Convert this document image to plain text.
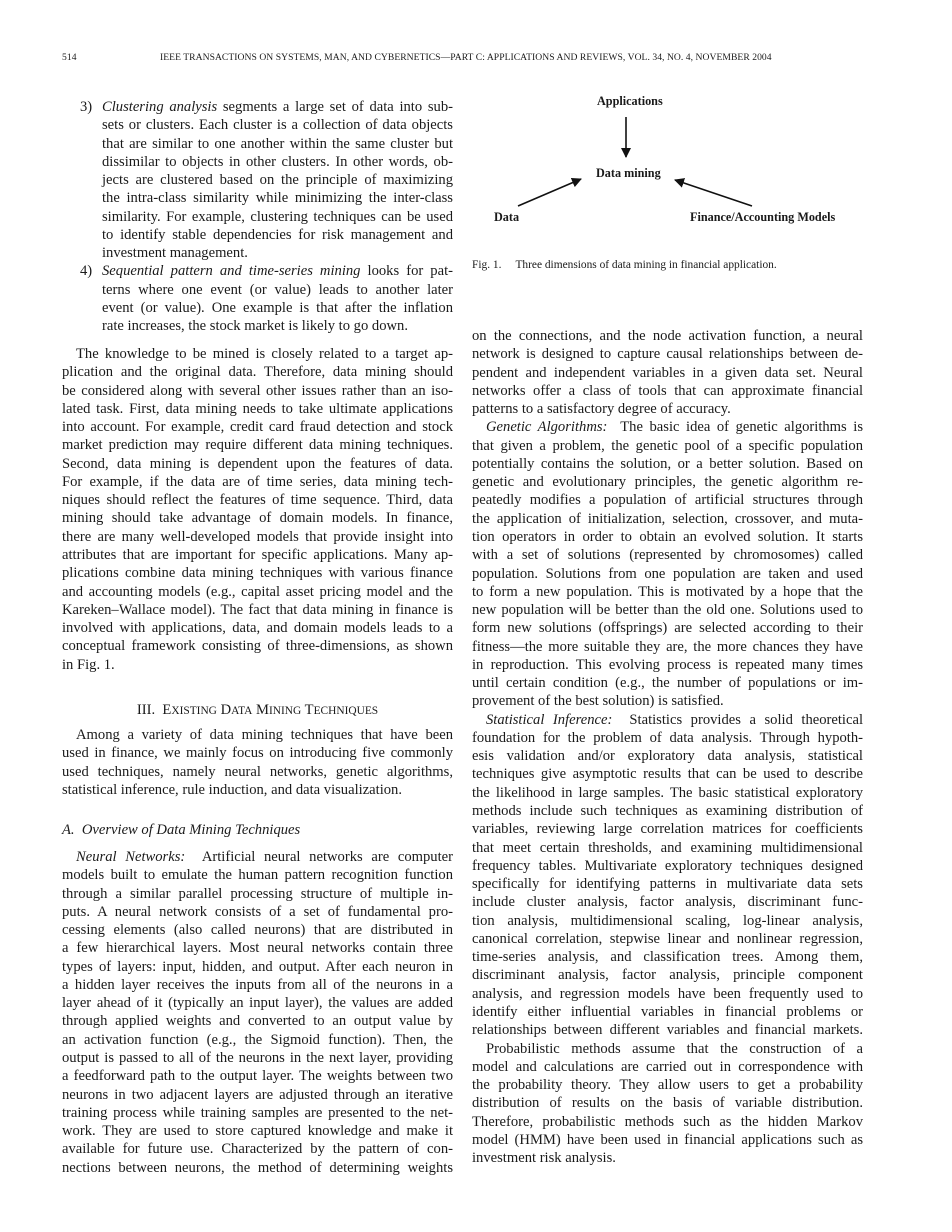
514	IEEE TRANSACTIONS ON SYSTEMS, MAN, AND CYBERNETICS—PART C: APPLICATIONS AND REVIEWS, VOL. 34, NO. 4, NOVEMBER 2004
3) Clustering analysis segments a large set of data into sub-
sets or clusters. Each cluster is a collection of data objects
that are similar to one another within the same cluster but
dissimilar to objects in other clusters. In other words, ob-
jects are clustered based on the principle of maximizing
the intra-class similarity while minimizing the inter-class
similarity. For example, clustering techniques can be used
to identify stable dependencies for risk management and
investment management.
4) Sequential pattern and time-series mining looks for pat-
terns where one event (or value) leads to another later
event (or value). One example is that after the inflation
rate increases, the stock market is likely to go down.
The knowledge to be mined is closely related to a target ap-
plication and the original data. Therefore, data mining should
be considered along with several other issues rather than an iso-
lated task. First, data mining needs to take ultimate applications
into account. For example, credit card fraud detection and stock
market prediction may require different data mining techniques.
Second, data mining is dependent upon the features of data.
For example, if the data are of time series, data mining tech-
niques should reflect the features of time sequence. Third, data
mining should take advantage of domain models. In finance,
there are many well-developed models that provide insight into
attributes that are important for specific applications. Many ap-
plications combine data mining techniques with various finance
and accounting models (e.g., capital asset pricing model and the
Kareken–Wallace model). The fact that data mining in finance is
involved with applications, data, and domain models leads to a
conceptual framework consisting of three-dimensions, as shown
in Fig. 1.
III. EXISTING DATA MINING TECHNIQUES
Among a variety of data mining techniques that have been
used in finance, we mainly focus on introducing five commonly
used techniques, namely neural networks, genetic algorithms,
statistical inference, rule induction, and data visualization.
A.  Overview of Data Mining Techniques
Neural Networks:  Artificial neural networks are computer
models built to emulate the human pattern recognition function
through a similar parallel processing structure of multiple in-
puts. A neural network consists of a set of fundamental pro-
cessing elements (also called neurons) that are distributed in
a few hierarchical layers. Most neural networks contain three
types of layers: input, hidden, and output. After each neuron in
a hidden layer receives the inputs from all of the neurons in a
layer ahead of it (typically an input layer), the values are added
through applied weights and converted to an output value by
an activation function (e.g., the Sigmoid function). Then, the
output is passed to all of the neurons in the next layer, providing
a feedforward path to the output layer. The weights between two
neurons in two adjacent layers are adjusted through an iterative
training process while training samples are presented to the net-
work. They are used to store captured knowledge and make it
available for future use. Characterized by the pattern of con-
nections between neurons, the method of determining weights
Applications
Data mining
Data	Finance/Accounting Models
Fig. 1. Three dimensions of data mining in financial application.
on the connections, and the node activation function, a neural
network is designed to capture causal relationships between de-
pendent and independent variables in a given data set. Neural
networks offer a class of tools that can approximate financial
patterns to a satisfactory degree of accuracy.
Genetic Algorithms:  The basic idea of genetic algorithms is
that given a problem, the genetic pool of a specific population
potentially contains the solution, or a better solution. Based on
genetic and evolutionary principles, the genetic algorithm re-
peatedly modifies a population of artificial structures through
the application of initialization, selection, crossover, and muta-
tion operators in order to obtain an evolved solution. It starts
with a set of solutions (represented by chromosomes) called
population. Solutions from one population are taken and used
to form a new population. This is motivated by a hope that the
new population will be better than the old one. Solutions used to
form new solutions (offsprings) are selected according to their
fitness—the more suitable they are, the more chances they have
in reproduction. This evolving process is repeated many times
until certain condition (e.g., the number of populations or im-
provement of the best solution) is satisfied.
Statistical Inference:  Statistics provides a solid theoretical
foundation for the problem of data analysis. Through hypoth-
esis validation and/or exploratory data analysis, statistical
techniques give asymptotic results that can be used to describe
the likelihood in large samples. The basic statistical exploratory
methods include such techniques as examining distribution of
variables, reviewing large correlation matrices for coefficients
that meet certain thresholds, and examining multidimensional
frequency tables. Multivariate exploratory techniques designed
specifically for identifying patterns in multivariate data sets
include cluster analysis, factor analysis, discriminant func-
tion analysis, multidimensional scaling, log-linear analysis,
canonical correlation, stepwise linear and nonlinear regression,
time-series analysis, and classification trees. Among them,
discriminant analysis, factor analysis, principle component
analysis, and regression models have been frequently used to
identify either influential variables in financial problems or
relationships between different variables and financial markets.
Probabilistic methods assume that the construction of a
model and calculations are carried out in correspondence with
the probability theory. They allow users to get a probability
distribution of results on the basis of variable distribution.
Therefore, probabilistic methods such as the hidden Markov
model (HMM) have been used in financial applications such as
investment risk analysis.
